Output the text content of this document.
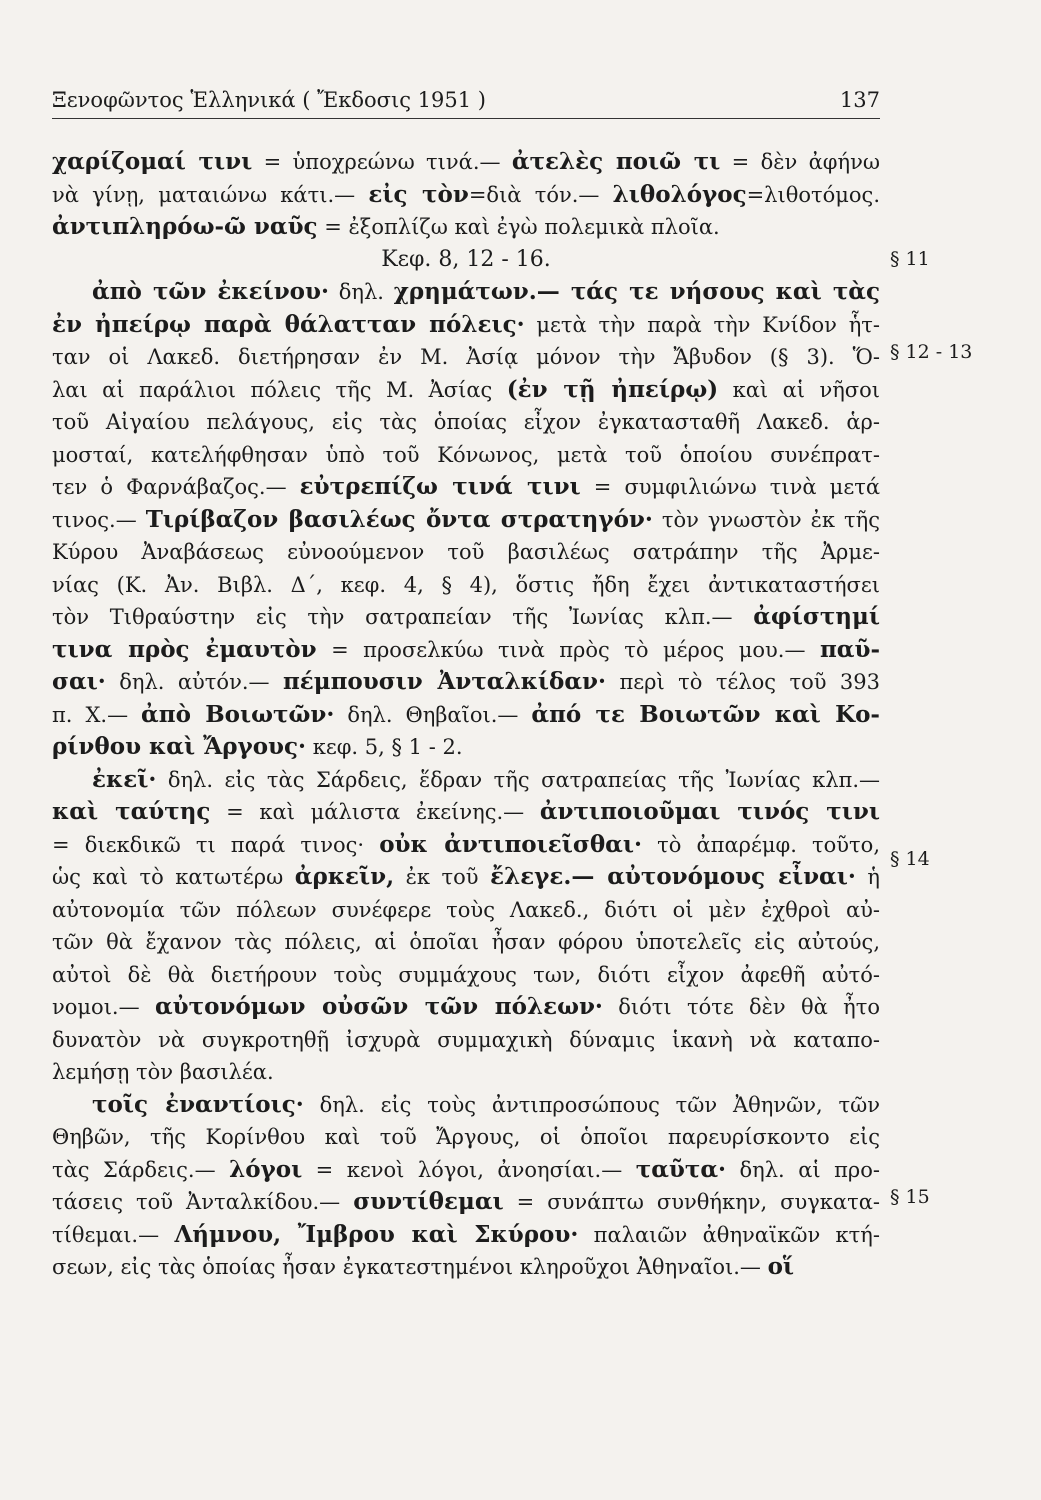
Ξενοφῶντος Ἑλληνικά ( Ἔκδοσις 1951 )	137
§ 11
§ 12 - 13
§ 14
§ 15
χαρίζομαί τινι = ὑποχρεώνω τινά.— ἀτελὲς ποιῶ τι = δὲν ἀφήνω
νὰ γίνῃ, ματαιώνω κάτι.— εἰς τὸν=διὰ τόν.— λιθολόγος=λιθοτόμος.
ἀντιπληρόω-ῶ ναῦς = ἐξοπλίζω καὶ ἐγὼ πολεμικὰ πλοῖα.
Κεφ. 8, 12 - 16.
ἀπὸ τῶν ἐκείνου· δηλ. χρημάτων.— τάς τε νήσους καὶ τὰς
ἐν ἠπείρῳ παρὰ θάλατταν πόλεις· μετὰ τὴν παρὰ τὴν Κνίδον ἧτ-
ταν οἱ Λακεδ. διετήρησαν ἐν Μ. Ἀσίᾳ μόνον τὴν Ἄβυδον (§ 3). Ὅ-
λαι αἱ παράλιοι πόλεις τῆς Μ. Ἀσίας (ἐν τῇ ἠπείρῳ) καὶ αἱ νῆσοι
τοῦ Αἰγαίου πελάγους, εἰς τὰς ὁποίας εἶχον ἐγκατασταθῆ Λακεδ. ἁρ-
μοσταί, κατελήφθησαν ὑπὸ τοῦ Κόνωνος, μετὰ τοῦ ὁποίου συνέπρατ-
τεν ὁ Φαρνάβαζος.— εὐτρεπίζω τινά τινι = συμφιλιώνω τινὰ μετά
τινος.— Τιρίβαζον βασιλέως ὄντα στρατηγόν· τὸν γνωστὸν ἐκ τῆς
Κύρου Ἀναβάσεως εὐνοούμενον τοῦ βασιλέως σατράπην τῆς Ἀρμε-
νίας (Κ. Ἀν. Βιβλ. Δ΄, κεφ. 4, § 4), ὅστις ἤδη ἔχει ἀντικαταστήσει
τὸν Τιθραύστην εἰς τὴν σατραπείαν τῆς Ἰωνίας κλπ.— ἀφίστημί
τινα πρὸς ἐμαυτὸν = προσελκύω τινὰ πρὸς τὸ μέρος μου.— παῦ-
σαι· δηλ. αὐτόν.— πέμπουσιν Ἀνταλκίδαν· περὶ τὸ τέλος τοῦ 393
π. Χ.— ἀπὸ Βοιωτῶν· δηλ. Θηβαῖοι.— ἀπό τε Βοιωτῶν καὶ Κο-
ρίνθου καὶ Ἄργους· κεφ. 5, § 1 - 2.
ἐκεῖ· δηλ. εἰς τὰς Σάρδεις, ἕδραν τῆς σατραπείας τῆς Ἰωνίας κλπ.—
καὶ ταύτης = καὶ μάλιστα ἐκείνης.— ἀντιποιοῦμαι τινός τινι
= διεκδικῶ τι παρά τινος· οὐκ ἀντιποιεῖσθαι· τὸ ἀπαρέμφ. τοῦτο,
ὡς καὶ τὸ κατωτέρω ἀρκεῖν, ἐκ τοῦ ἔλεγε.— αὐτονόμους εἶναι· ἡ
αὐτονομία τῶν πόλεων συνέφερε τοὺς Λακεδ., διότι οἱ μὲν ἐχθροὶ αὐ-
τῶν θὰ ἔχανον τὰς πόλεις, αἱ ὁποῖαι ἦσαν φόρου ὑποτελεῖς εἰς αὐτούς,
αὐτοὶ δὲ θὰ διετήρουν τοὺς συμμάχους των, διότι εἶχον ἀφεθῆ αὐτό-
νομοι.— αὐτονόμων οὐσῶν τῶν πόλεων· διότι τότε δὲν θὰ ἦτο
δυνατὸν νὰ συγκροτηθῇ ἰσχυρὰ συμμαχικὴ δύναμις ἱκανὴ νὰ καταπο-
λεμήσῃ τὸν βασιλέα.
τοῖς ἐναντίοις· δηλ. εἰς τοὺς ἀντιπροσώπους τῶν Ἀθηνῶν, τῶν
Θηβῶν, τῆς Κορίνθου καὶ τοῦ Ἄργους, οἱ ὁποῖοι παρευρίσκοντο εἰς
τὰς Σάρδεις.— λόγοι = κενοὶ λόγοι, ἀνοησίαι.— ταῦτα· δηλ. αἱ προ-
τάσεις τοῦ Ἀνταλκίδου.— συντίθεμαι = συνάπτω συνθήκην, συγκατα-
τίθεμαι.— Λήμνου, Ἴμβρου καὶ Σκύρου· παλαιῶν ἀθηναϊκῶν κτή-
σεων, εἰς τὰς ὁποίας ἦσαν ἐγκατεστημένοι κληροῦχοι Ἀθηναῖοι.— οἵ
